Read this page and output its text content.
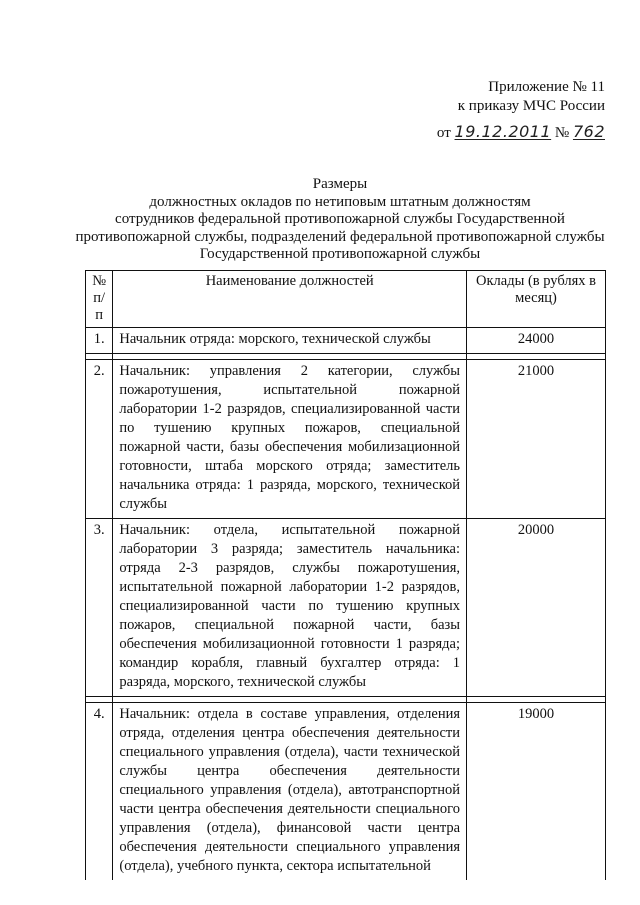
Приложение № 11
к приказу МЧС России
от 19.12.2011 № 762
Размеры
должностных окладов по нетиповым штатным должностям
сотрудников федеральной противопожарной службы Государственной
противопожарной службы, подразделений федеральной противопожарной службы
Государственной противопожарной службы
№ п/п	Наименование должностей	Оклады (в рублях в месяц)
1.	Начальник отряда: морского, технической службы	24000

2.	Начальник: управления 2 категории, службы пожаротушения, испытательной пожарной лаборатории 1-2 разрядов, специализированной части по тушению крупных пожаров, специальной пожарной части, базы обеспечения мобилизационной готовности, штаба морского отряда; заместитель начальника отряда: 1 разряда, морского, технической службы	21000
3.	Начальник: отдела, испытательной пожарной лаборатории 3 разряда; заместитель начальника: отряда 2-3 разрядов, службы пожаротушения, испытательной пожарной лаборатории 1-2 разрядов, специализированной части по тушению крупных пожаров, специальной пожарной части, базы обеспечения мобилизационной готовности 1 разряда; командир корабля, главный бухгалтер отряда: 1 разряда, морского, технической службы	20000

4.	Начальник: отдела в составе управления, отделения отряда, отделения центра обеспечения деятельности специального управления (отдела), части технической службы центра обеспечения деятельности специального управления (отдела), автотранспортной части центра обеспечения деятельности специального управления (отдела), финансовой части центра обеспечения деятельности специального управления (отдела), учебного пункта, сектора испытательной	19000
